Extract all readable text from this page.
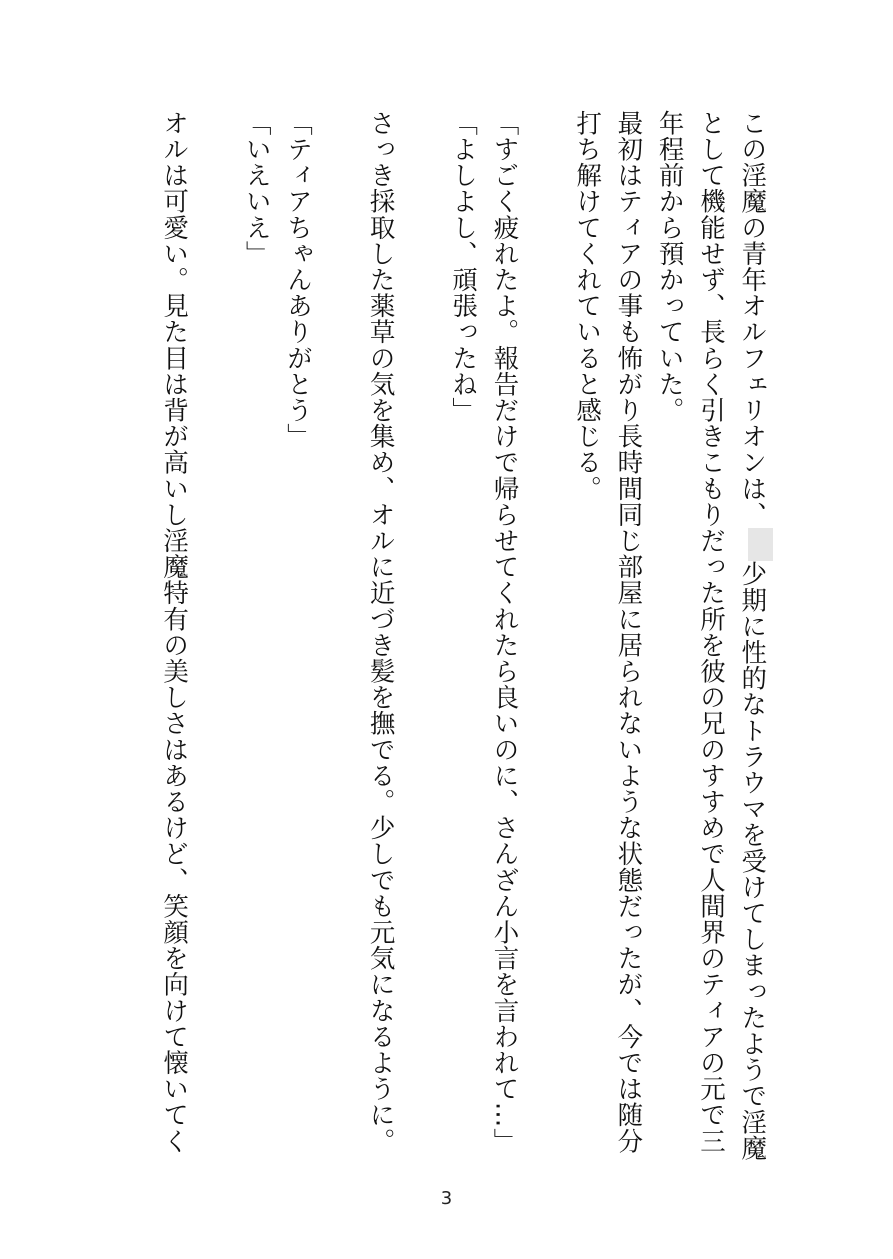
この淫魔の青年オルフェリオンは、少期に性的なトラウマを受けてしまったようで淫魔
として機能せず、長らく引きこもりだった所を彼の兄のすすめで人間界のティアの元で三
年程前から預かっていた。
最初はティアの事も怖がり長時間同じ部屋に居られないような状態だったが、今では随分
打ち解けてくれていると感じる。
「すごく疲れたよ。報告だけで帰らせてくれたら良いのに、さんざん小言を言われて…」
「よしよし、頑張ったね」
さっき採取した薬草の気を集め、オルに近づき髪を撫でる。少しでも元気になるように。
「ティアちゃんありがとう」
「いえいえ」
オルは可愛い。見た目は背が高いし淫魔特有の美しさはあるけど、笑顔を向けて懐いてく
3
